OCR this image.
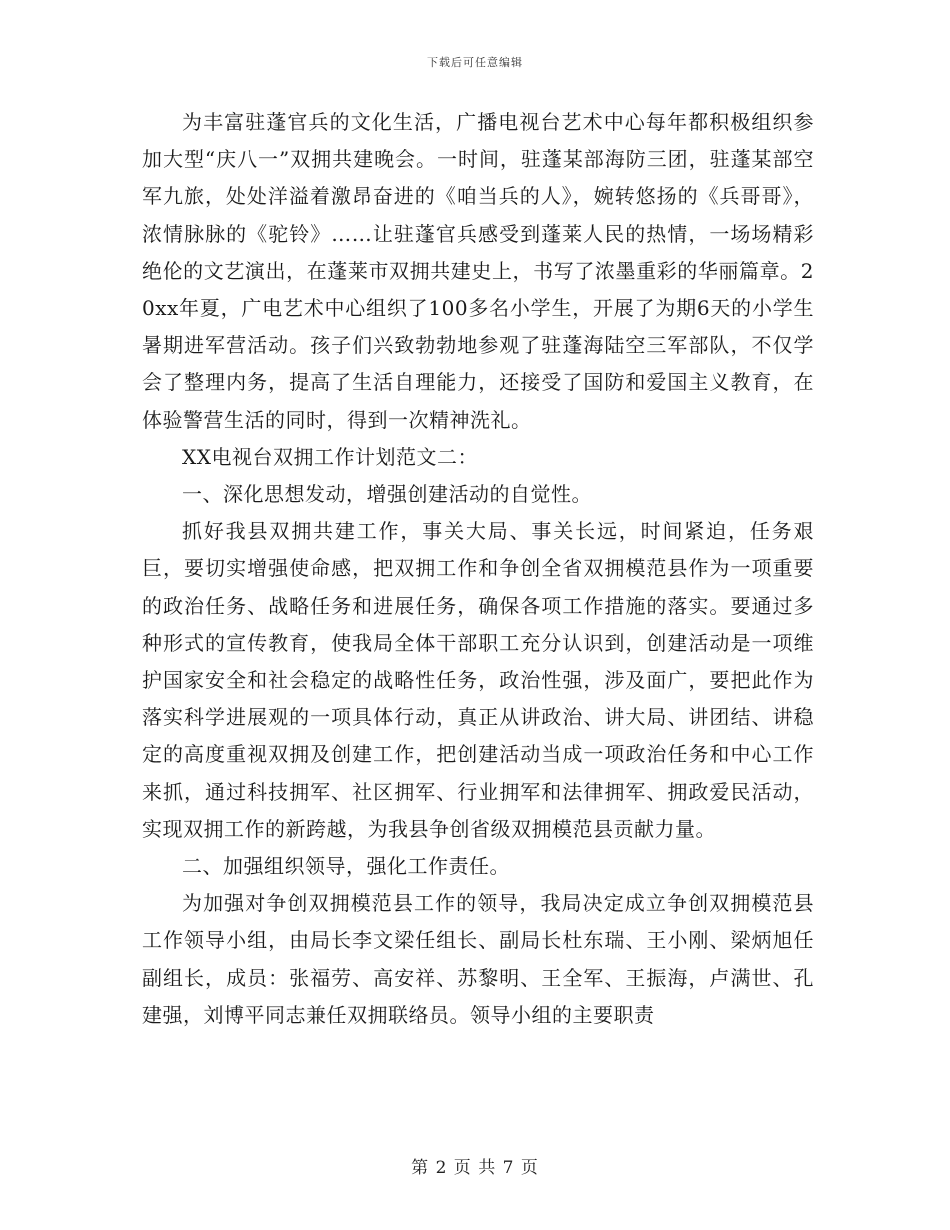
下载后可任意编辑

为丰富驻蓬官兵的文化生活，广播电视台艺术中心每年都积极组织参加大型“庆八一”双拥共建晚会。一时间，驻蓬某部海防三团，驻蓬某部空军九旅，处处洋溢着激昂奋进的《咱当兵的人》，婉转悠扬的《兵哥哥》，浓情脉脉的《驼铃》……让驻蓬官兵感受到蓬莱人民的热情，一场场精彩绝伦的文艺演出，在蓬莱市双拥共建史上，书写了浓墨重彩的华丽篇章。20xx年夏，广电艺术中心组织了100多名小学生，开展了为期6天的小学生暑期进军营活动。孩子们兴致勃勃地参观了驻蓬海陆空三军部队，不仅学会了整理内务，提高了生活自理能力，还接受了国防和爱国主义教育，在体验警营生活的同时，得到一次精神洗礼。

XX电视台双拥工作计划范文二：

一、深化思想发动，增强创建活动的自觉性。

抓好我县双拥共建工作，事关大局、事关长远，时间紧迫，任务艰巨，要切实增强使命感，把双拥工作和争创全省双拥模范县作为一项重要的政治任务、战略任务和进展任务，确保各项工作措施的落实。要通过多种形式的宣传教育，使我局全体干部职工充分认识到，创建活动是一项维护国家安全和社会稳定的战略性任务，政治性强，涉及面广，要把此作为落实科学进展观的一项具体行动，真正从讲政治、讲大局、讲团结、讲稳定的高度重视双拥及创建工作，把创建活动当成一项政治任务和中心工作来抓，通过科技拥军、社区拥军、行业拥军和法律拥军、拥政爱民活动，实现双拥工作的新跨越，为我县争创省级双拥模范县贡献力量。

二、加强组织领导，强化工作责任。

为加强对争创双拥模范县工作的领导，我局决定成立争创双拥模范县工作领导小组，由局长李文梁任组长、副局长杜东瑞、王小刚、梁炳旭任副组长，成员：张福劳、高安祥、苏黎明、王全军、王振海，卢满世、孔建强，刘博平同志兼任双拥联络员。领导小组的主要职责

第 2 页 共 7 页
